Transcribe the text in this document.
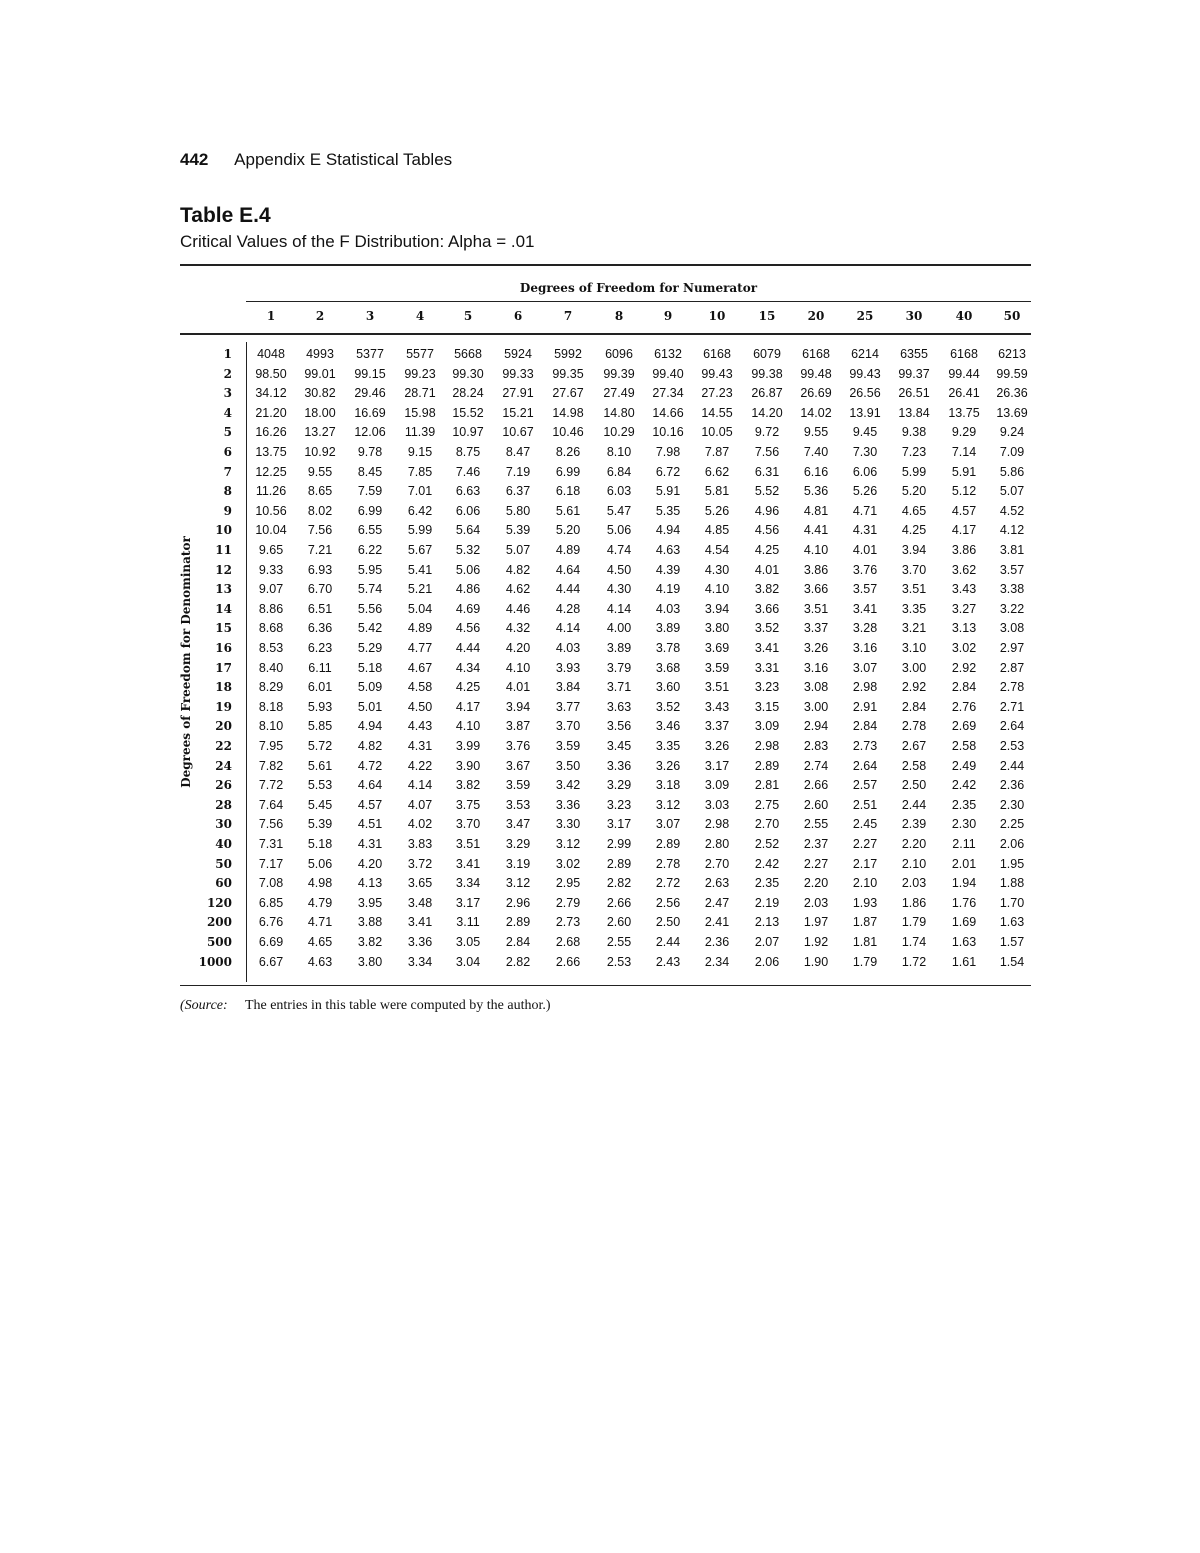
442 Appendix E Statistical Tables
Table E.4
Critical Values of the F Distribution: Alpha = .01
Degrees of Freedom for Numerator
Degrees of Freedom for Denominator
1	2	3	4	5	6	7	8	9	10	15	20	25	30	40	50
1 4048 4993 5377 5577 5668 5924 5992 6096 6132 6168 6079 6168 6214 6355 6168 6213
2 98.50 99.01 99.15 99.23 99.30 99.33 99.35 99.39 99.40 99.43 99.38 99.48 99.43 99.37 99.44 99.59
3 34.12 30.82 29.46 28.71 28.24 27.91 27.67 27.49 27.34 27.23 26.87 26.69 26.56 26.51 26.41 26.36
4 21.20 18.00 16.69 15.98 15.52 15.21 14.98 14.80 14.66 14.55 14.20 14.02 13.91 13.84 13.75 13.69
5 16.26 13.27 12.06 11.39 10.97 10.67 10.46 10.29 10.16 10.05 9.72 9.55 9.45 9.38 9.29 9.24
6 13.75 10.92 9.78 9.15 8.75 8.47 8.26 8.10 7.98 7.87 7.56 7.40 7.30 7.23 7.14 7.09
7 12.25 9.55 8.45 7.85 7.46 7.19 6.99 6.84 6.72 6.62 6.31 6.16 6.06 5.99 5.91 5.86
8 11.26 8.65 7.59 7.01 6.63 6.37 6.18 6.03 5.91 5.81 5.52 5.36 5.26 5.20 5.12 5.07
9 10.56 8.02 6.99 6.42 6.06 5.80 5.61 5.47 5.35 5.26 4.96 4.81 4.71 4.65 4.57 4.52
10 10.04 7.56 6.55 5.99 5.64 5.39 5.20 5.06 4.94 4.85 4.56 4.41 4.31 4.25 4.17 4.12
11 9.65 7.21 6.22 5.67 5.32 5.07 4.89 4.74 4.63 4.54 4.25 4.10 4.01 3.94 3.86 3.81
12 9.33 6.93 5.95 5.41 5.06 4.82 4.64 4.50 4.39 4.30 4.01 3.86 3.76 3.70 3.62 3.57
13 9.07 6.70 5.74 5.21 4.86 4.62 4.44 4.30 4.19 4.10 3.82 3.66 3.57 3.51 3.43 3.38
14 8.86 6.51 5.56 5.04 4.69 4.46 4.28 4.14 4.03 3.94 3.66 3.51 3.41 3.35 3.27 3.22
15 8.68 6.36 5.42 4.89 4.56 4.32 4.14 4.00 3.89 3.80 3.52 3.37 3.28 3.21 3.13 3.08
16 8.53 6.23 5.29 4.77 4.44 4.20 4.03 3.89 3.78 3.69 3.41 3.26 3.16 3.10 3.02 2.97
17 8.40 6.11 5.18 4.67 4.34 4.10 3.93 3.79 3.68 3.59 3.31 3.16 3.07 3.00 2.92 2.87
18 8.29 6.01 5.09 4.58 4.25 4.01 3.84 3.71 3.60 3.51 3.23 3.08 2.98 2.92 2.84 2.78
19 8.18 5.93 5.01 4.50 4.17 3.94 3.77 3.63 3.52 3.43 3.15 3.00 2.91 2.84 2.76 2.71
20 8.10 5.85 4.94 4.43 4.10 3.87 3.70 3.56 3.46 3.37 3.09 2.94 2.84 2.78 2.69 2.64
22 7.95 5.72 4.82 4.31 3.99 3.76 3.59 3.45 3.35 3.26 2.98 2.83 2.73 2.67 2.58 2.53
24 7.82 5.61 4.72 4.22 3.90 3.67 3.50 3.36 3.26 3.17 2.89 2.74 2.64 2.58 2.49 2.44
26 7.72 5.53 4.64 4.14 3.82 3.59 3.42 3.29 3.18 3.09 2.81 2.66 2.57 2.50 2.42 2.36
28 7.64 5.45 4.57 4.07 3.75 3.53 3.36 3.23 3.12 3.03 2.75 2.60 2.51 2.44 2.35 2.30
30 7.56 5.39 4.51 4.02 3.70 3.47 3.30 3.17 3.07 2.98 2.70 2.55 2.45 2.39 2.30 2.25
40 7.31 5.18 4.31 3.83 3.51 3.29 3.12 2.99 2.89 2.80 2.52 2.37 2.27 2.20 2.11 2.06
50 7.17 5.06 4.20 3.72 3.41 3.19 3.02 2.89 2.78 2.70 2.42 2.27 2.17 2.10 2.01 1.95
60 7.08 4.98 4.13 3.65 3.34 3.12 2.95 2.82 2.72 2.63 2.35 2.20 2.10 2.03 1.94 1.88
120 6.85 4.79 3.95 3.48 3.17 2.96 2.79 2.66 2.56 2.47 2.19 2.03 1.93 1.86 1.76 1.70
200 6.76 4.71 3.88 3.41 3.11 2.89 2.73 2.60 2.50 2.41 2.13 1.97 1.87 1.79 1.69 1.63
500 6.69 4.65 3.82 3.36 3.05 2.84 2.68 2.55 2.44 2.36 2.07 1.92 1.81 1.74 1.63 1.57
1000 6.67 4.63 3.80 3.34 3.04 2.82 2.66 2.53 2.43 2.34 2.06 1.90 1.79 1.72 1.61 1.54
(Source: The entries in this table were computed by the author.)
